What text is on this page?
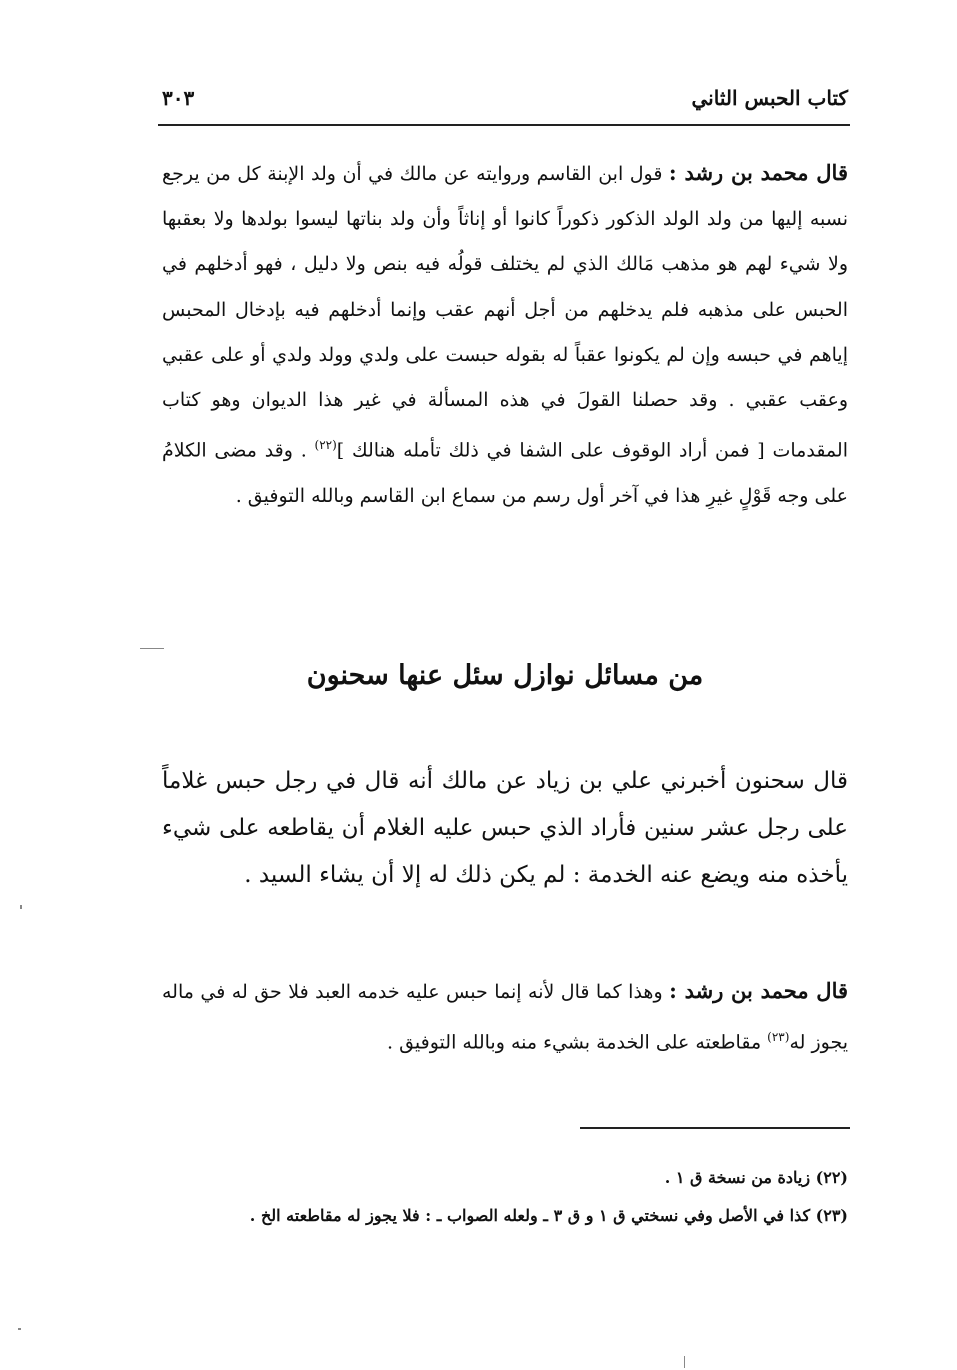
كتاب الحبس الثاني
٣٠٣

قال محمد بن رشد : قول ابن القاسم وروايته عن مالك في أن ولد الإبنة كل من يرجع نسبه إليها من ولد الولد الذكور ذكوراً كانوا أو إناثاً وأن ولد بناتها ليسوا بولدها ولا بعقبها ولا شيء لهم هو مذهب مَالك الذي لم يختلف قولُه فيه بنص ولا دليل ، فهو أدخلهم في الحبس على مذهبه فلم يدخلهم من أجل أنهم عقب وإنما أدخلهم فيه بإدخال المحبس إياهم في حبسه وإن لم يكونوا عقباً له بقوله حبست على ولدي وولد ولدي أو على عقبي وعقب عقبي . وقد حصلنا القولَ في هذه المسألة في غير هذا الديوان وهو كتاب المقدمات [ فمن أراد الوقوف على الشفا في ذلك تأمله هنالك ]$^{(٢٢)}$ . وقد مضى الكلامُ على وجه قَوْلٍ غيرِ هذا في آخر أول رسم من سماع ابن القاسم وبالله التوفيق .

من مسائل نوازل سئل عنها سحنون

قال سحنون أخبرني علي بن زياد عن مالك أنه قال في رجل حبس غلاماً على رجل عشر سنين فأراد الذي حبس عليه الغلام أن يقاطعه على شيء يأخذه منه ويضع عنه الخدمة : لم يكن ذلك له إلا أن يشاء السيد .

قال محمد بن رشد : وهذا كما قال لأنه إنما حبس عليه خدمه العبد فلا حق له في ماله يجوز له$^{(٢٣)}$ مقاطعته على الخدمة بشيء منه وبالله التوفيق .

(٢٢) زيادة من نسخة ق ١ .

(٢٣) كذا في الأصل وفي نسختي ق ١ و ق ٣ ـ ولعله الصواب ـ : فلا يجوز له مقاطعته الخ .
